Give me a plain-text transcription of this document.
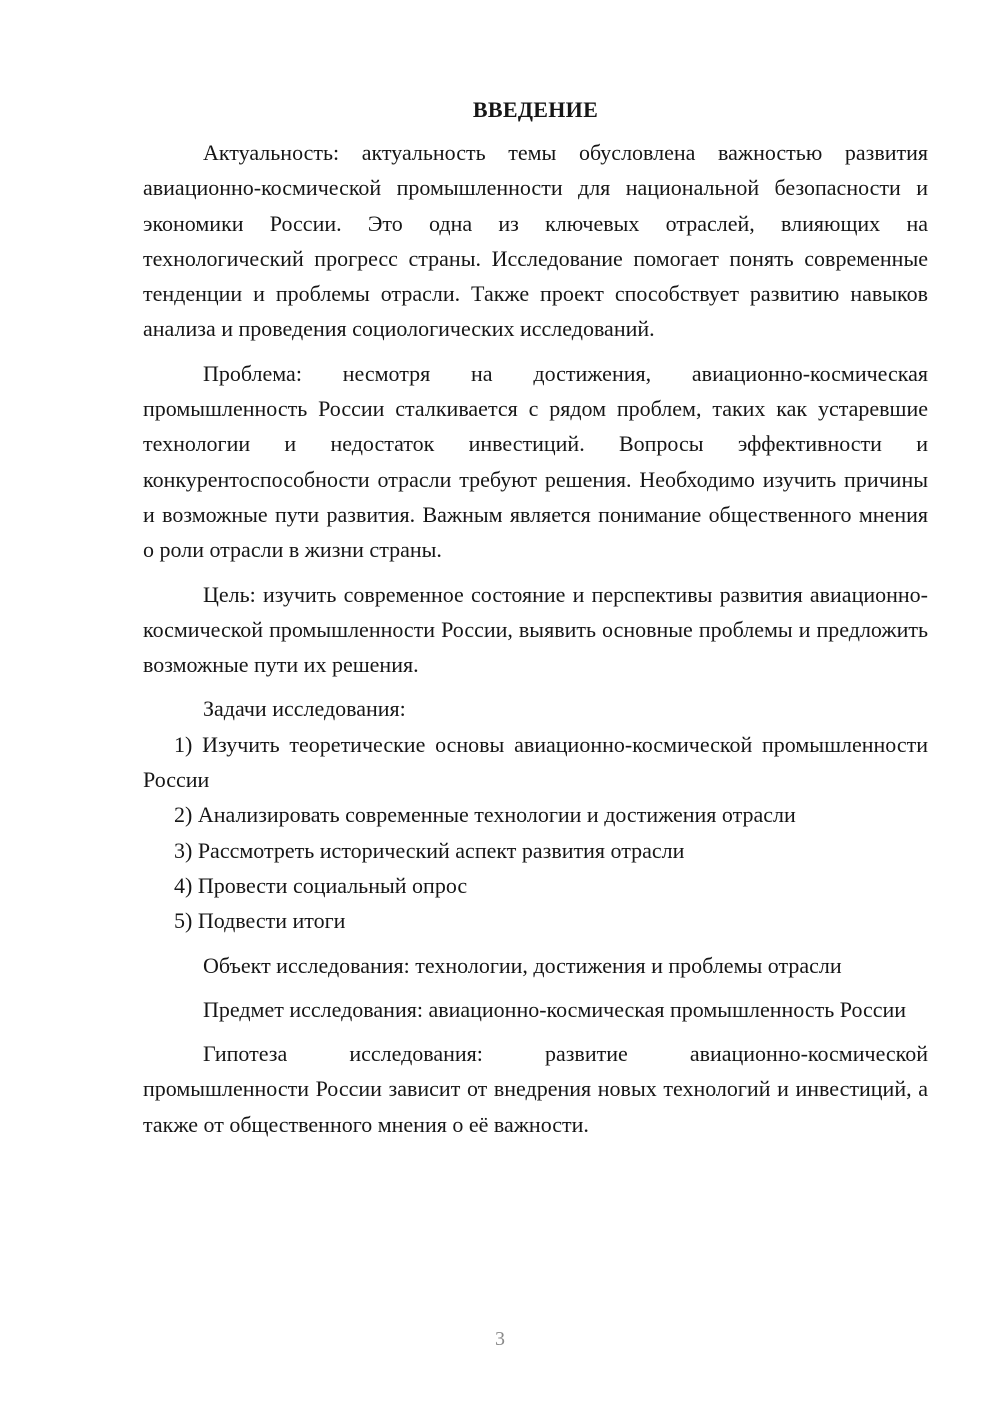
ВВЕДЕНИЕ

Актуальность: актуальность темы обусловлена важностью развития авиационно-космической промышленности для национальной безопасности и экономики России. Это одна из ключевых отраслей, влияющих на технологический прогресс страны. Исследование помогает понять современные тенденции и проблемы отрасли. Также проект способствует развитию навыков анализа и проведения социологических исследований.

Проблема: несмотря на достижения, авиационно-космическая промышленность России сталкивается с рядом проблем, таких как устаревшие технологии и недостаток инвестиций. Вопросы эффективности и конкурентоспособности отрасли требуют решения. Необходимо изучить причины и возможные пути развития. Важным является понимание общественного мнения о роли отрасли в жизни страны.

Цель: изучить современное состояние и перспективы развития авиационно-космической промышленности России, выявить основные проблемы и предложить возможные пути их решения.

Задачи исследования:

1) Изучить теоретические основы авиационно-космической промышленности России

2) Анализировать современные технологии и достижения отрасли

3) Рассмотреть исторический аспект развития отрасли

4) Провести социальный опрос

5) Подвести итоги

Объект исследования: технологии, достижения и проблемы отрасли

Предмет исследования: авиационно-космическая промышленность России

Гипотеза исследования: развитие авиационно-космической промышленности России зависит от внедрения новых технологий и инвестиций, а также от общественного мнения о её важности.

3
